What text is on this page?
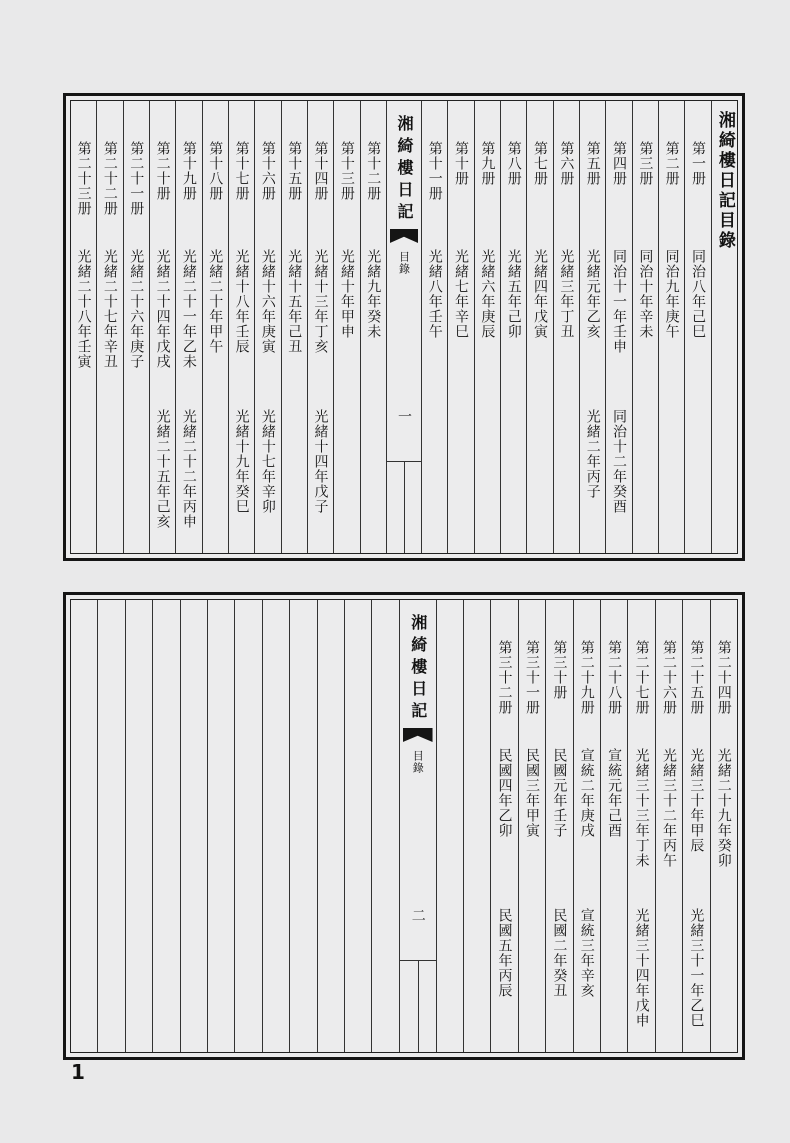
湘綺樓日記目錄
第一册
同治八年己巳
第二册
同治九年庚午
第三册
同治十年辛未
第四册
同治十一年壬申
同治十二年癸酉
第五册
光緒元年乙亥
光緒二年丙子
第六册
光緒三年丁丑
第七册
光緒四年戊寅
第八册
光緒五年己卯
第九册
光緒六年庚辰
第十册
光緒七年辛巳
第十一册
光緒八年壬午
湘綺樓日記
目錄
一
第十二册
光緒九年癸未
第十三册
光緒十年甲申
第十四册
光緒十三年丁亥
光緒十四年戊子
第十五册
光緒十五年己丑
第十六册
光緒十六年庚寅
光緒十七年辛卯
第十七册
光緒十八年壬辰
光緒十九年癸巳
第十八册
光緒二十年甲午
第十九册
光緒二十一年乙未
光緒二十二年丙申
第二十册
光緒二十四年戊戌
光緒二十五年己亥
第二十一册
光緒二十六年庚子
第二十二册
光緒二十七年辛丑
第二十三册
光緒二十八年壬寅
第二十四册
光緒二十九年癸卯
第二十五册
光緒三十年甲辰
光緒三十一年乙巳
第二十六册
光緒三十二年丙午
第二十七册
光緒三十三年丁未
光緒三十四年戊申
第二十八册
宣統元年己酉
第二十九册
宣統二年庚戌
宣統三年辛亥
第三十册
民國元年壬子
民國二年癸丑
第三十一册
民國三年甲寅
第三十二册
民國四年乙卯
民國五年丙辰
湘綺樓日記
目錄
二
1
